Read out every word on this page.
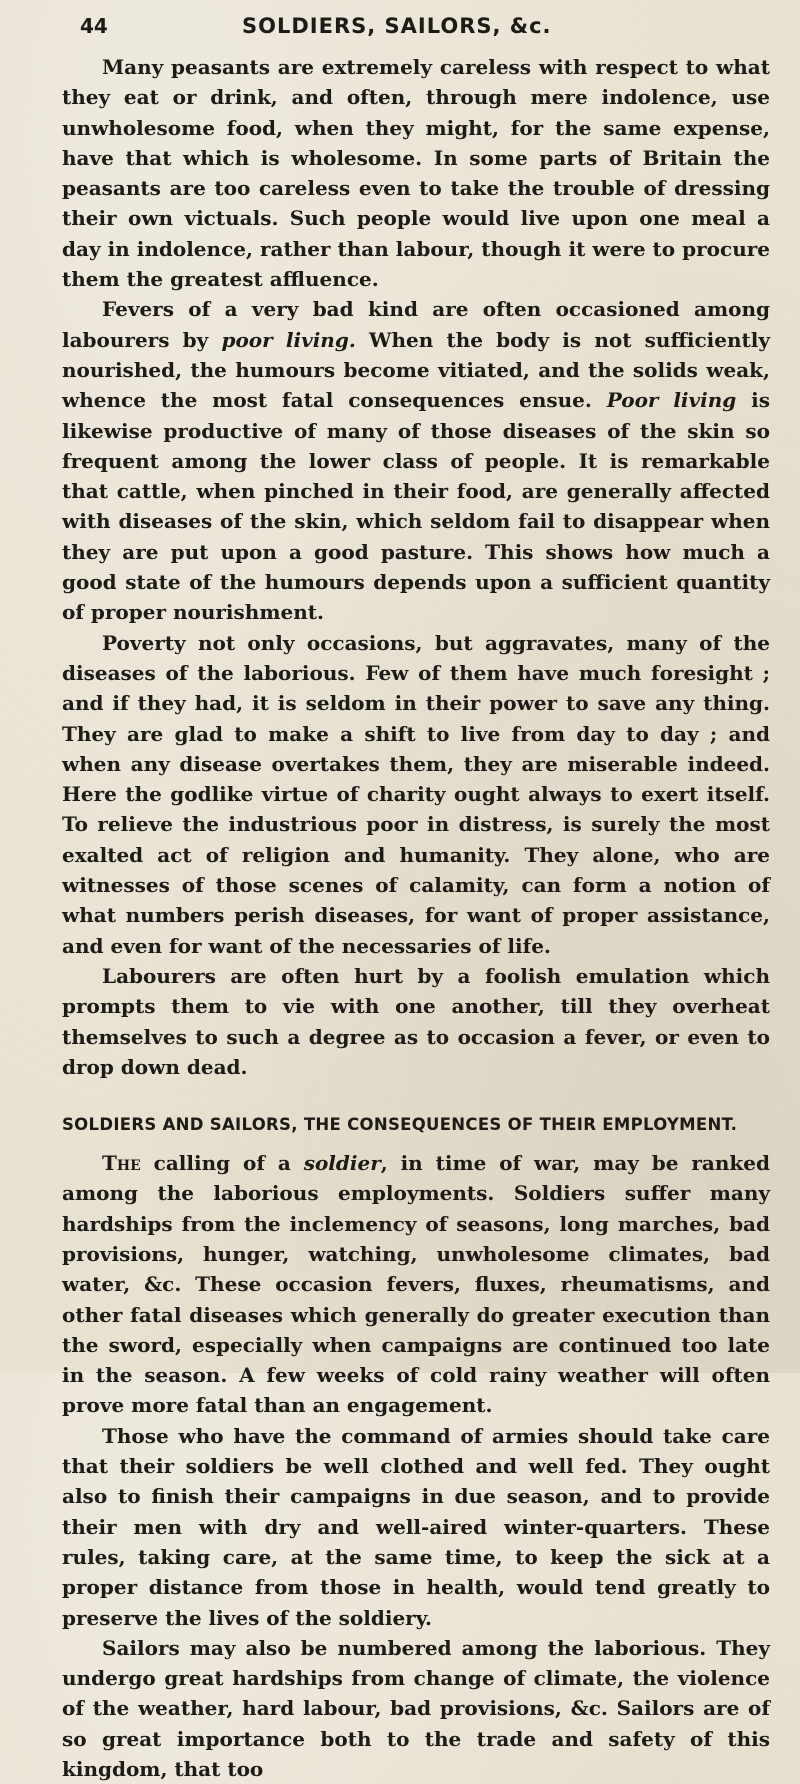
44	SOLDIERS, SAILORS, &c.

Many peasants are extremely careless with respect to what they eat or drink, and often, through mere indolence, use unwholesome food, when they might, for the same expense, have that which is wholesome. In some parts of Britain the peasants are too careless even to take the trouble of dressing their own victuals. Such people would live upon one meal a day in indolence, rather than labour, though it were to procure them the greatest affluence.

Fevers of a very bad kind are often occasioned among labourers by poor living. When the body is not sufficiently nourished, the humours become vitiated, and the solids weak, whence the most fatal consequences ensue. Poor living is likewise productive of many of those diseases of the skin so frequent among the lower class of people. It is remarkable that cattle, when pinched in their food, are generally affected with diseases of the skin, which seldom fail to disappear when they are put upon a good pasture. This shows how much a good state of the humours depends upon a sufficient quantity of proper nourishment.

Poverty not only occasions, but aggravates, many of the diseases of the laborious. Few of them have much foresight ; and if they had, it is seldom in their power to save any thing. They are glad to make a shift to live from day to day ; and when any disease overtakes them, they are miserable indeed. Here the godlike virtue of charity ought always to exert itself. To relieve the industrious poor in distress, is surely the most exalted act of religion and humanity. They alone, who are witnesses of those scenes of calamity, can form a notion of what numbers perish diseases, for want of proper assistance, and even for want of the necessaries of life.

Labourers are often hurt by a foolish emulation which prompts them to vie with one another, till they overheat themselves to such a degree as to occasion a fever, or even to drop down dead.

SOLDIERS AND SAILORS, THE CONSEQUENCES OF THEIR EMPLOYMENT.

The calling of a soldier, in time of war, may be ranked among the laborious employments. Soldiers suffer many hardships from the inclemency of seasons, long marches, bad provisions, hunger, watching, unwholesome climates, bad water, &c. These occasion fevers, fluxes, rheumatisms, and other fatal diseases which generally do greater execution than the sword, especially when campaigns are continued too late in the season. A few weeks of cold rainy weather will often prove more fatal than an engagement.

Those who have the command of armies should take care that their soldiers be well clothed and well fed. They ought also to finish their campaigns in due season, and to provide their men with dry and well-aired winter-quarters. These rules, taking care, at the same time, to keep the sick at a proper distance from those in health, would tend greatly to preserve the lives of the soldiery.

Sailors may also be numbered among the laborious. They undergo great hardships from change of climate, the violence of the weather, hard labour, bad provisions, &c. Sailors are of so great importance both to the trade and safety of this kingdom, that too
